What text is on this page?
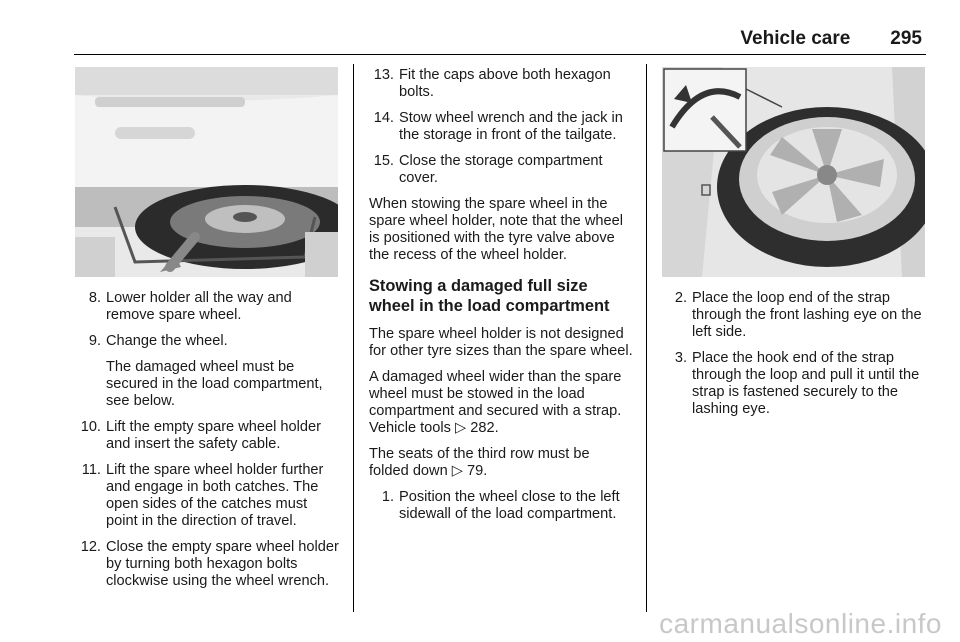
Vehicle care 295
8. Lower holder all the way and remove spare wheel.
9. Change the wheel.
The damaged wheel must be secured in the load compartment, see below.
10. Lift the empty spare wheel holder and insert the safety cable.
11. Lift the spare wheel holder further and engage in both catches. The open sides of the catches must point in the direction of travel.
12. Close the empty spare wheel holder by turning both hexagon bolts clockwise using the wheel wrench.
13. Fit the caps above both hexagon bolts.
14. Stow wheel wrench and the jack in the storage in front of the tailgate.
15. Close the storage compartment cover.
When stowing the spare wheel in the spare wheel holder, note that the wheel is positioned with the tyre valve above the recess of the wheel holder.
Stowing a damaged full size wheel in the load compartment
The spare wheel holder is not designed for other tyre sizes than the spare wheel.
A damaged wheel wider than the spare wheel must be stowed in the load compartment and secured with a strap. Vehicle tools ▷ 282.
The seats of the third row must be folded down ▷ 79.
1. Position the wheel close to the left sidewall of the load compartment.
2. Place the loop end of the strap through the front lashing eye on the left side.
3. Place the hook end of the strap through the loop and pull it until the strap is fastened securely to the lashing eye.
carmanualsonline.info
